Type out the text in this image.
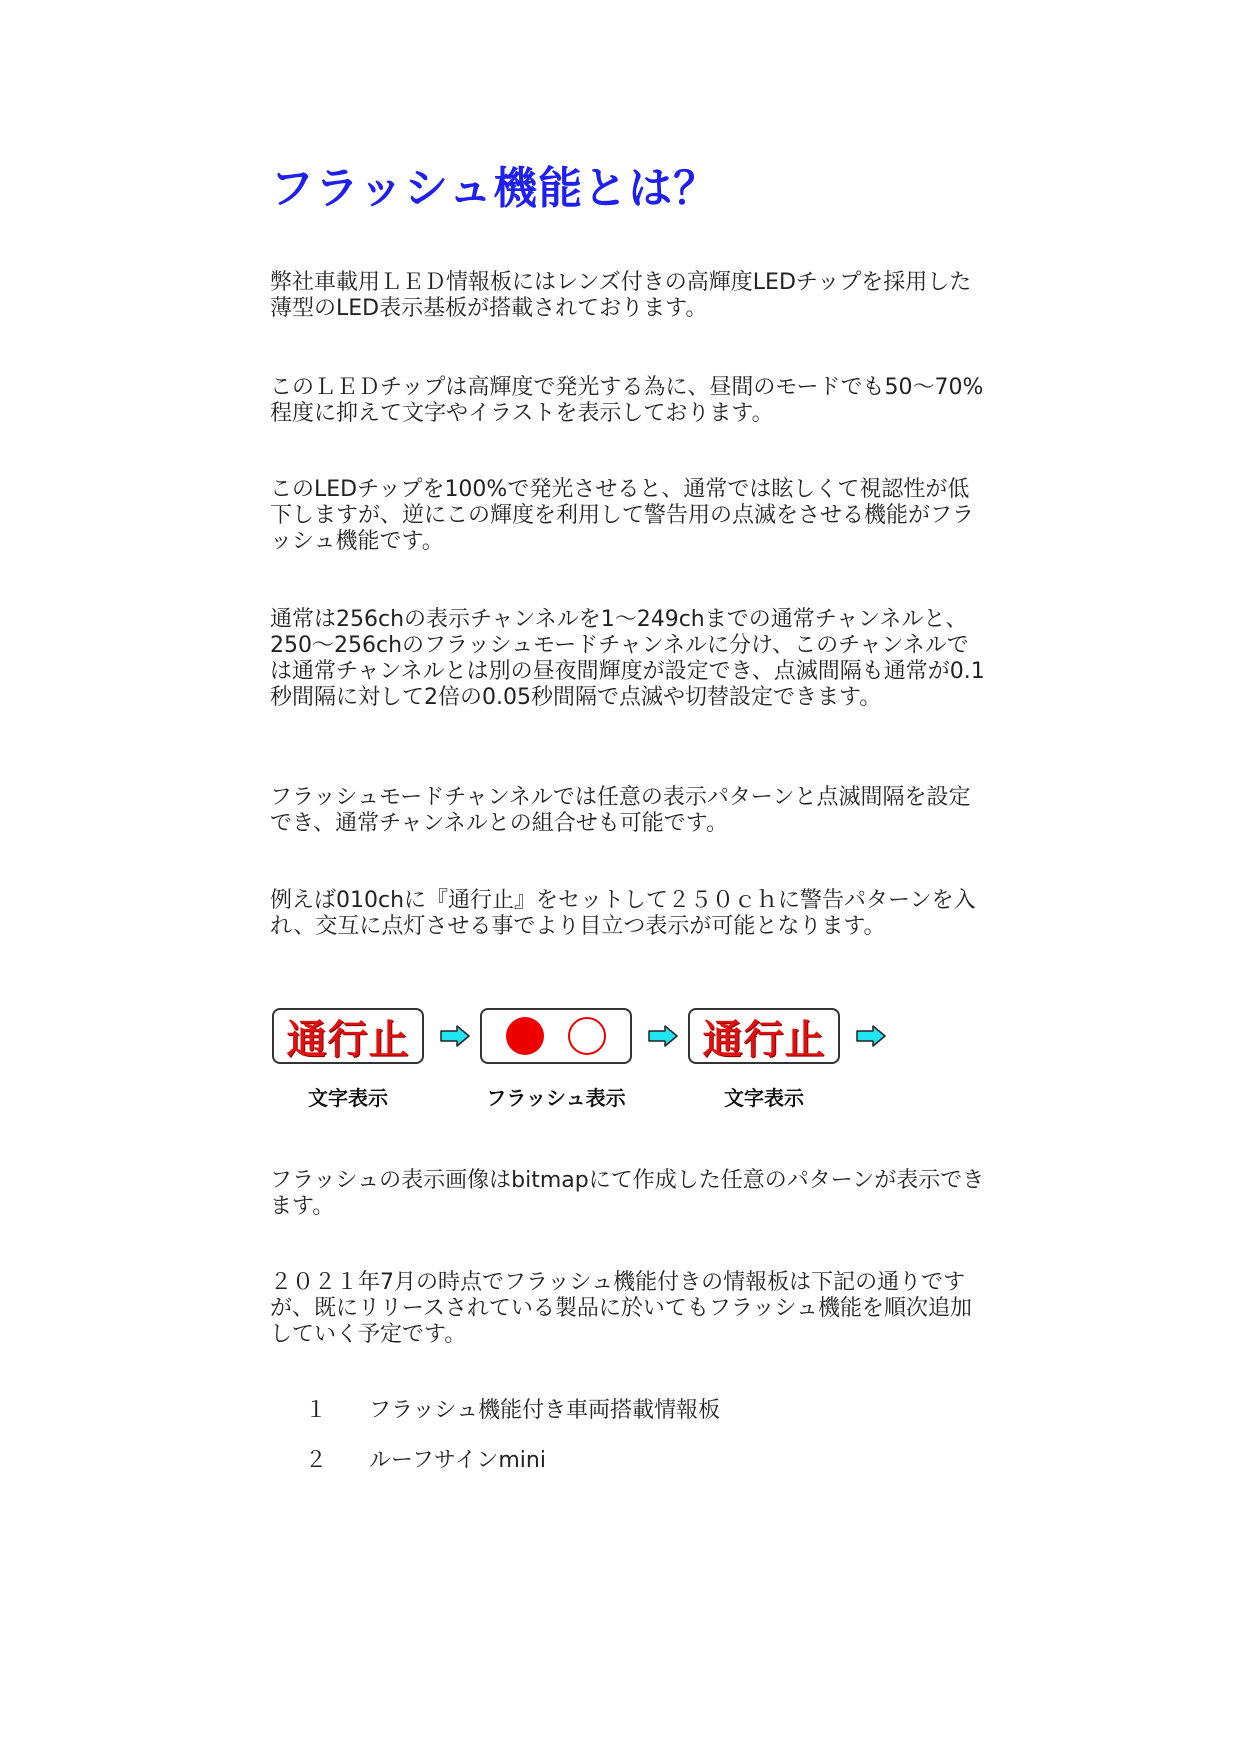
フラッシュ機能とは？

弊社車載用ＬＥＤ情報板にはレンズ付きの高輝度LEDチップを採用した薄型のLED表示基板が搭載されております。

このＬＥＤチップは高輝度で発光する為に、昼間のモードでも50～70%程度に抑えて文字やイラストを表示しております。

このLEDチップを100%で発光させると、通常では眩しくて視認性が低下しますが、逆にこの輝度を利用して警告用の点滅をさせる機能がフラッシュ機能です。

通常は256chの表示チャンネルを1～249chまでの通常チャンネルと、250～256chのフラッシュモードチャンネルに分け、このチャンネルでは通常チャンネルとは別の昼夜間輝度が設定でき、点滅間隔も通常が0.1秒間隔に対して2倍の0.05秒間隔で点滅や切替設定できます。

フラッシュモードチャンネルでは任意の表示パターンと点滅間隔を設定でき、通常チャンネルとの組合せも可能です。

例えば010chに『通行止』をセットして２５０ｃｈに警告パターンを入れ、交互に点灯させる事でより目立つ表示が可能となります。

通行止	通行止
文字表示	フラッシュ表示	文字表示

フラッシュの表示画像はbitmapにて作成した任意のパターンが表示できます。

２０２１年7月の時点でフラッシュ機能付きの情報板は下記の通りですが、既にリリースされている製品に於いてもフラッシュ機能を順次追加していく予定です。

１ フラッシュ機能付き車両搭載情報板
２ ルーフサインmini
